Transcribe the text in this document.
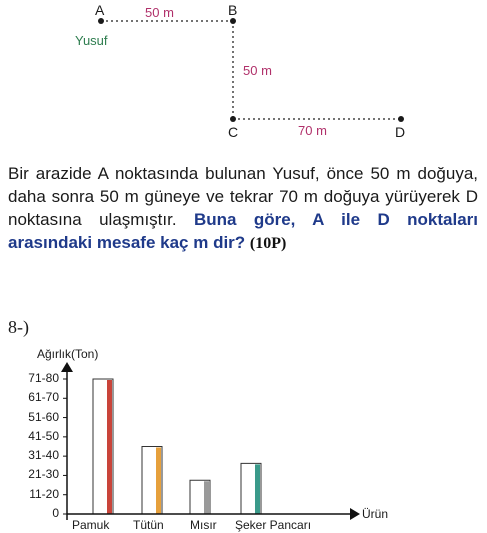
A	B
C	D
Yusuf
50 m
50 m
70 m
Bir arazide A noktasında bulunan Yusuf, önce 50 m doğuya, daha sonra 50 m güneye ve tekrar 70 m doğuya yürüyerek D noktasına ulaşmıştır. Buna göre, A ile D noktaları arasındaki mesafe kaç m dir? (10P)
8-)
Ağırlık(Ton)
Ürün
0
11-20
21-30
31-40
41-50
51-60
61-70
71-80
Pamuk Tütün Mısır Şeker Pancarı
